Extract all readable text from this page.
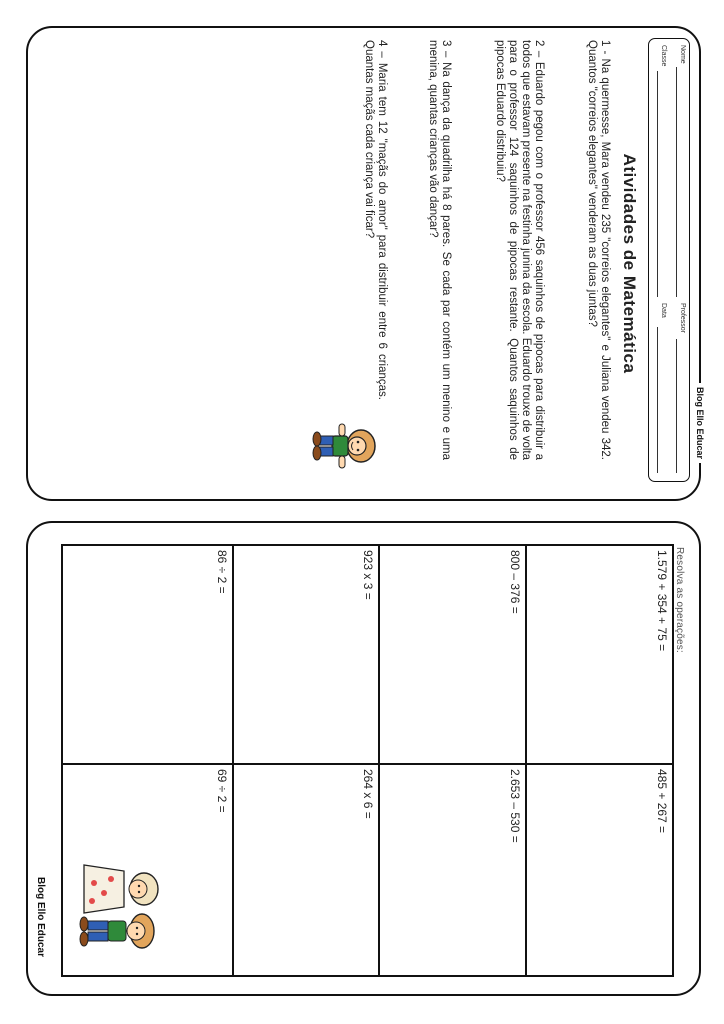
Nome
Professor
Classe
Data
Blog Ello Educar
Atividades de Matemática
1 - Na quermesse, Mara vendeu 235 "correios elegantes" e Juliana vendeu 342. Quantos "correios elegantes" venderam as duas juntas?
2 – Eduardo pegou com o professor 456 saquinhos de pipocas para distribuir a todos que estavam presente na festinha junina da escola. Eduardo trouxe de volta para o professor 124 saquinhos de pipocas restante. Quantos saquinhos de pipocas Eduardo distribuiu?
3 – Na dança da quadrilha há 8 pares. Se cada par contém um menino e uma menina, quantas crianças vão dançar?
4 – Maria tem 12 "maçãs do amor" para distribuir entre 6 crianças. Quantas maçãs cada criança vai ficar?
Resolva as operações:
1.579 + 354 + 75 =
485 + 267 =
800 – 376 =
2.653 – 530 =
923 x 3 =
264 x 6 =
86 ÷ 2 =
69 ÷ 2 =
Blog Ello Educar
